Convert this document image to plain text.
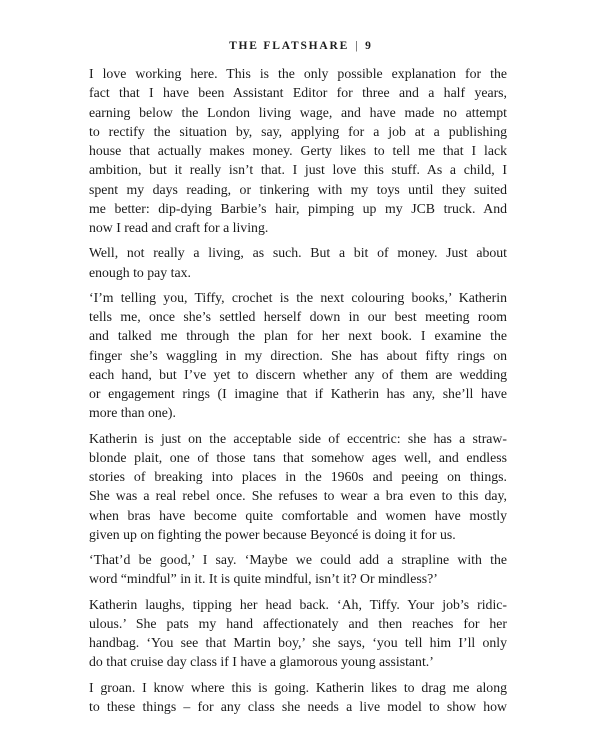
THE FLATSHARE | 9
I love working here. This is the only possible explanation for the
fact that I have been Assistant Editor for three and a half years,
earning below the London living wage, and have made no attempt
to rectify the situation by, say, applying for a job at a publishing
house that actually makes money. Gerty likes to tell me that I lack
ambition, but it really isn’t that. I just love this stuff. As a child, I
spent my days reading, or tinkering with my toys until they suited
me better: dip-dying Barbie’s hair, pimping up my JCB truck. And
now I read and craft for a living.
Well, not really a living, as such. But a bit of money. Just about
enough to pay tax.
‘I’m telling you, Tiffy, crochet is the next colouring books,’ Katherin
tells me, once she’s settled herself down in our best meeting room
and talked me through the plan for her next book. I examine the
finger she’s waggling in my direction. She has about fifty rings on
each hand, but I’ve yet to discern whether any of them are wedding
or engagement rings (I imagine that if Katherin has any, she’ll have
more than one).
Katherin is just on the acceptable side of eccentric: she has a straw-
blonde plait, one of those tans that somehow ages well, and endless
stories of breaking into places in the 1960s and peeing on things.
She was a real rebel once. She refuses to wear a bra even to this day,
when bras have become quite comfortable and women have mostly
given up on fighting the power because Beyoncé is doing it for us.
‘That’d be good,’ I say. ‘Maybe we could add a strapline with the
word “mindful” in it. It is quite mindful, isn’t it? Or mindless?’
Katherin laughs, tipping her head back. ‘Ah, Tiffy. Your job’s ridic-
ulous.’ She pats my hand affectionately and then reaches for her
handbag. ‘You see that Martin boy,’ she says, ‘you tell him I’ll only
do that cruise day class if I have a glamorous young assistant.’
I groan. I know where this is going. Katherin likes to drag me along
to these things – for any class she needs a live model to show how
